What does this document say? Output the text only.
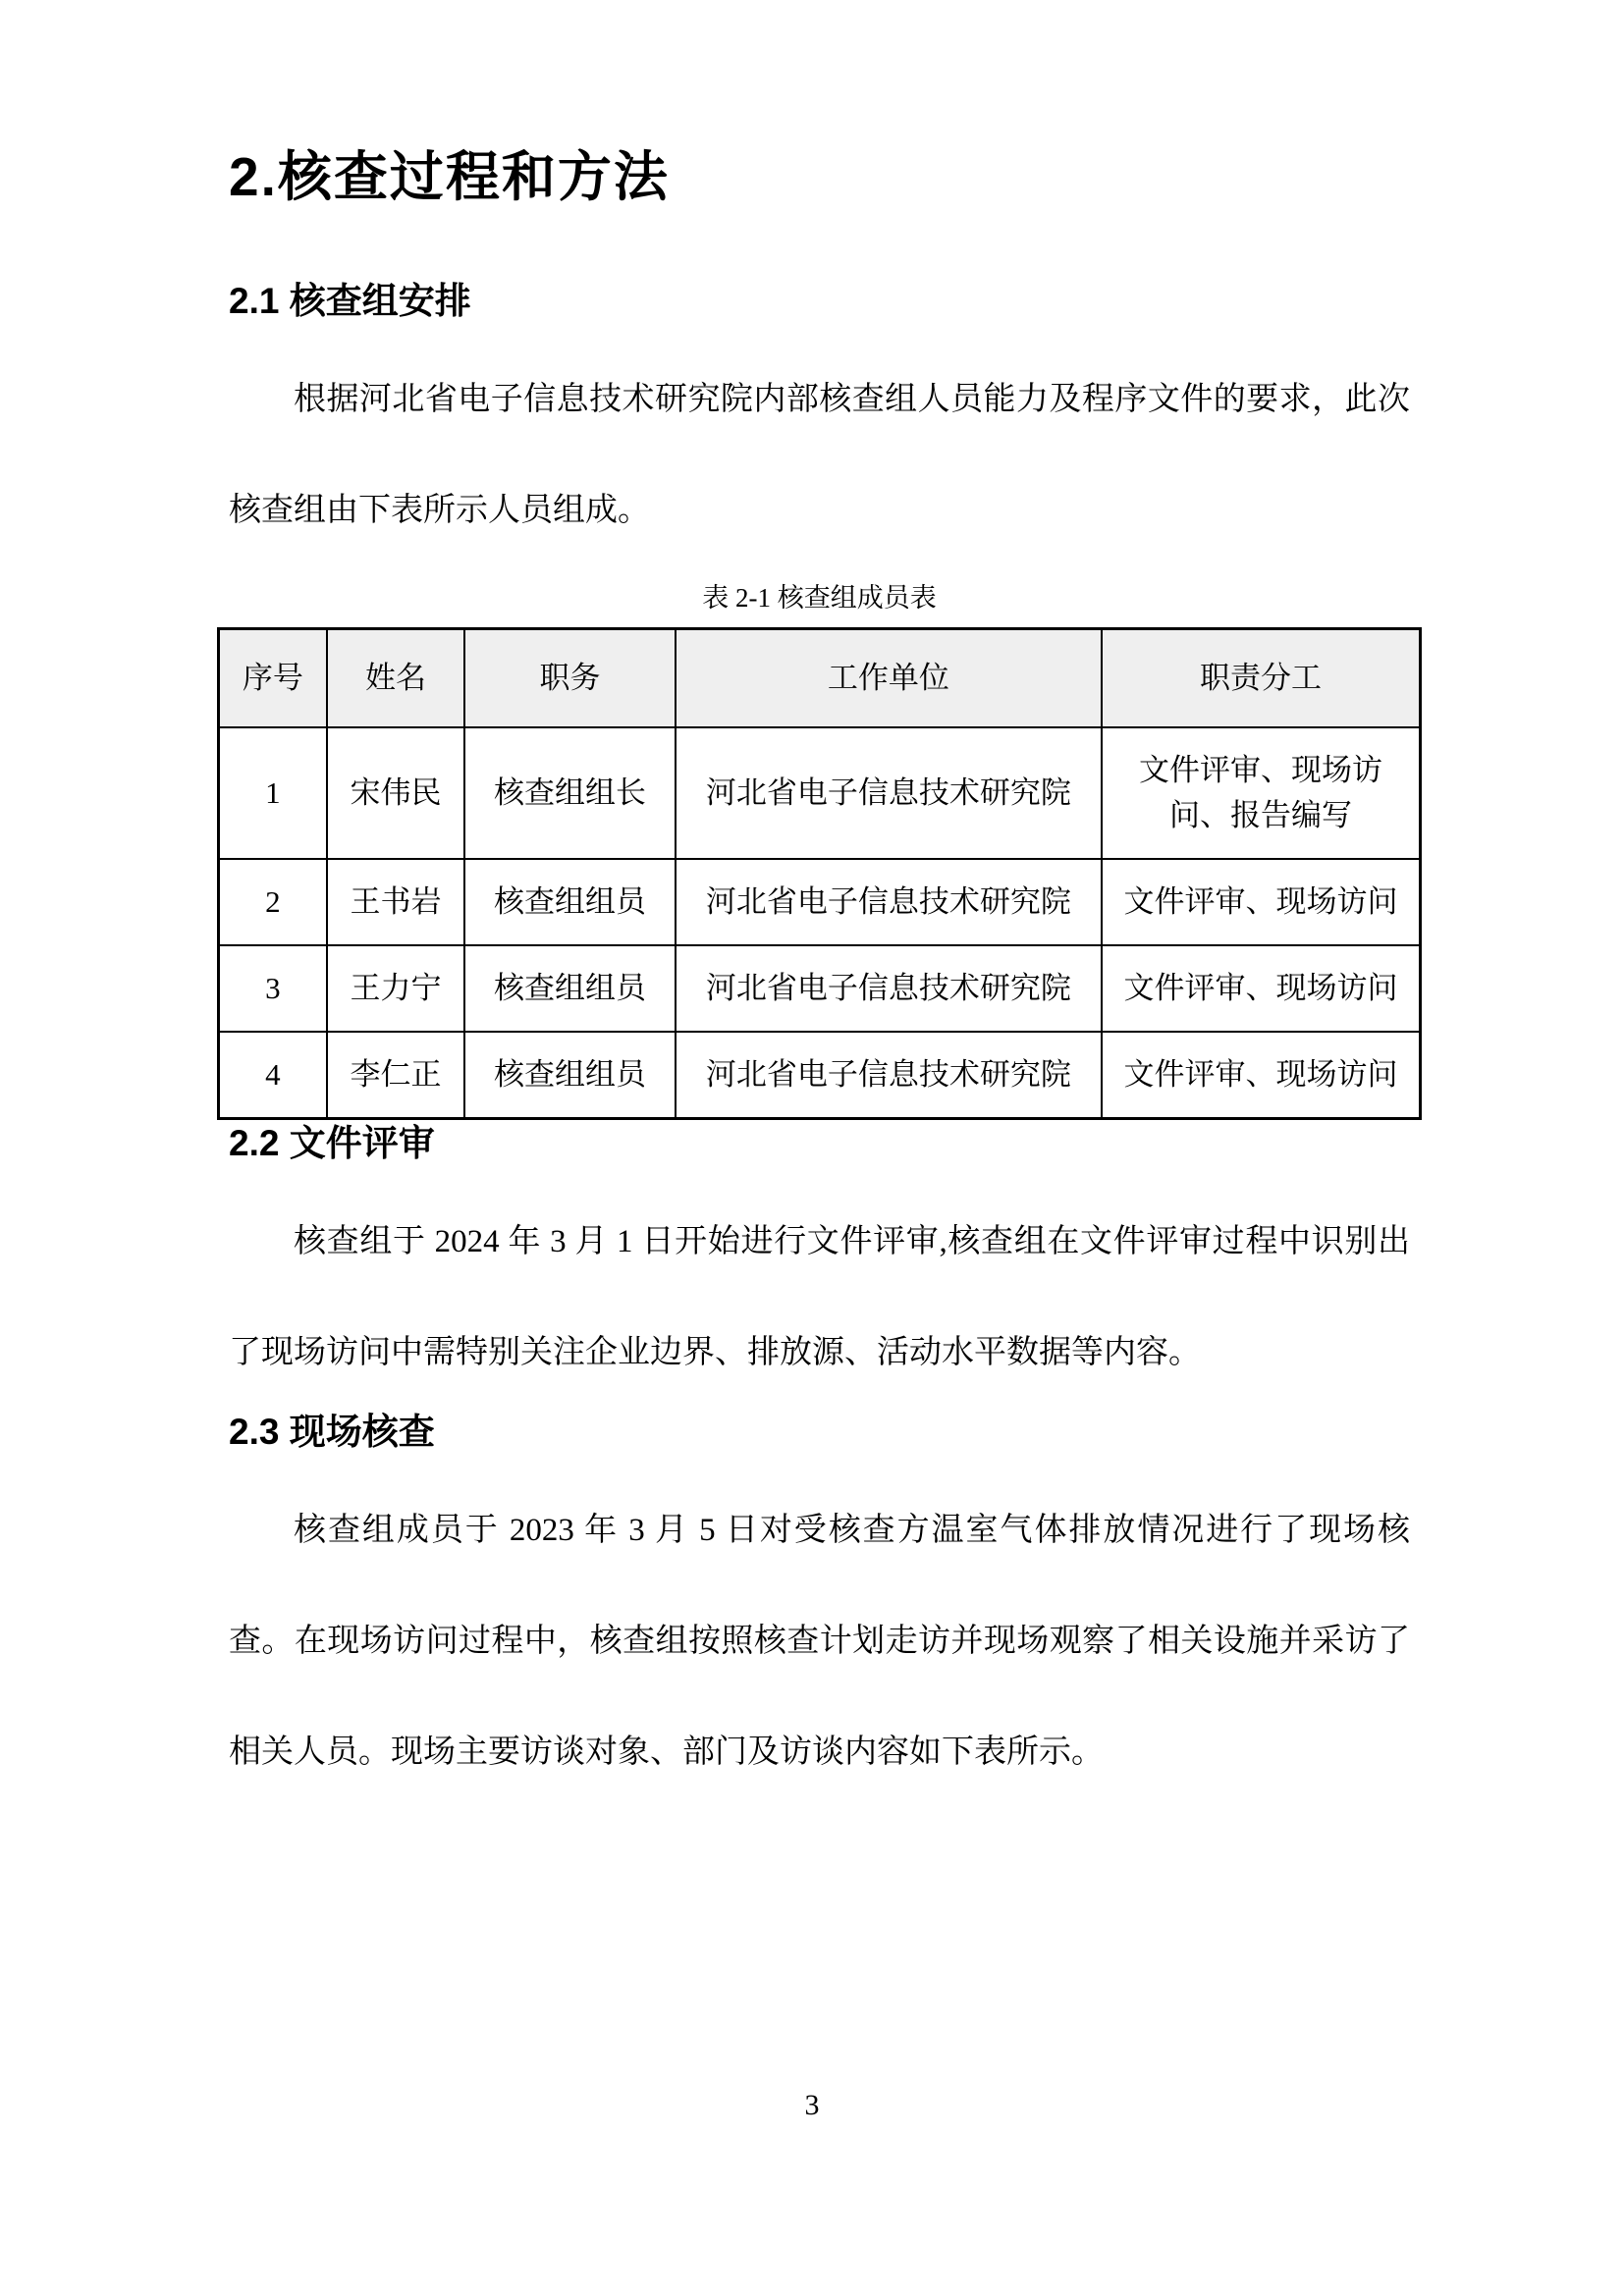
2.核查过程和方法
2.1 核查组安排

根据河北省电子信息技术研究院内部核查组人员能力及程序文件的要求，此次核查组由下表所示人员组成。

表 2-1 核查组成员表
序号	姓名	职务	工作单位	职责分工
1	宋伟民	核查组组长	河北省电子信息技术研究院	文件评审、现场访问、报告编写
2	王书岩	核查组组员	河北省电子信息技术研究院	文件评审、现场访问
3	王力宁	核查组组员	河北省电子信息技术研究院	文件评审、现场访问
4	李仁正	核查组组员	河北省电子信息技术研究院	文件评审、现场访问
2.2 文件评审

核查组于 2024 年 3 月 1 日开始进行文件评审,核查组在文件评审过程中识别出了现场访问中需特别关注企业边界、排放源、活动水平数据等内容。

2.3 现场核查

核查组成员于 2023 年 3 月 5 日对受核查方温室气体排放情况进行了现场核查。在现场访问过程中，核查组按照核查计划走访并现场观察了相关设施并采访了相关人员。现场主要访谈对象、部门及访谈内容如下表所示。

3
